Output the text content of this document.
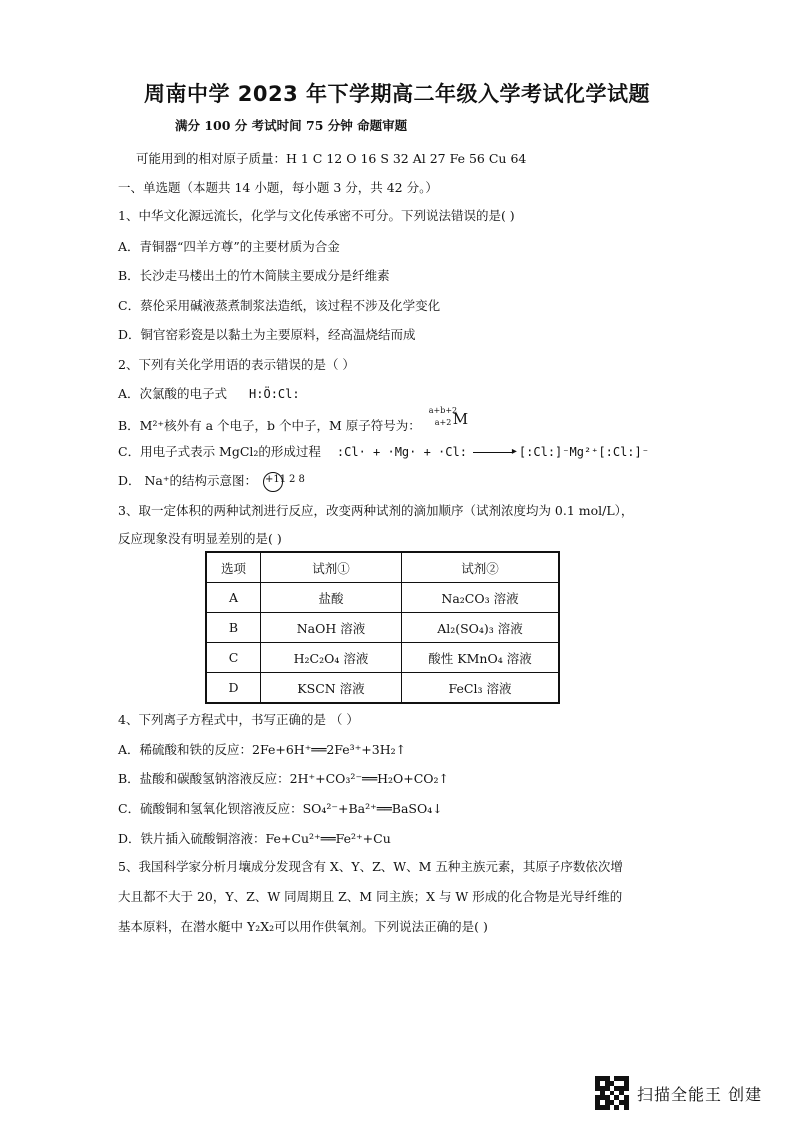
周南中学 2023 年下学期高二年级入学考试化学试题
满分 100 分 考试时间 75 分钟 命题审题
可能用到的相对原子质量：H 1 C 12 O 16 S 32 Al 27 Fe 56 Cu 64
一、单选题（本题共 14 小题，每小题 3 分，共 42 分。）
1、中华文化源远流长，化学与文化传承密不可分。下列说法错误的是( )
A．青铜器“四羊方尊”的主要材质为合金
B．长沙走马楼出土的竹木简牍主要成分是纤维素
C．蔡伦采用碱液蒸煮制浆法造纸，该过程不涉及化学变化
D．铜官窑彩瓷是以黏土为主要原料，经高温烧结而成
2、下列有关化学用语的表示错误的是（ ）
A．次氯酸的电子式 H:Ö:Cl:
B．M²⁺核外有 a 个电子，b 个中子，M 原子符号为：
a+b+2
a+2 M
C．用电子式表示 MgCl₂的形成过程 :Cl· + ·Mg· + ·Cl:	▸ [:Cl:]⁻Mg²⁺[:Cl:]⁻
D． Na⁺的结构示意图： +11 2 8
3、取一定体积的两种试剂进行反应，改变两种试剂的滴加顺序（试剂浓度均为 0.1 mol/L），
反应现象没有明显差别的是( )
选项	试剂①	试剂②
A	盐酸	Na₂CO₃ 溶液
B	NaOH 溶液	Al₂(SO₄)₃ 溶液
C	H₂C₂O₄ 溶液	酸性 KMnO₄ 溶液
D	KSCN 溶液	FeCl₃ 溶液
4、下列离子方程式中，书写正确的是 （ ）
A．稀硫酸和铁的反应：2Fe+6H⁺══2Fe³⁺+3H₂↑
B．盐酸和碳酸氢钠溶液反应：2H⁺+CO₃²⁻══H₂O+CO₂↑
C．硫酸铜和氢氧化钡溶液反应：SO₄²⁻+Ba²⁺══BaSO₄↓
D．铁片插入硫酸铜溶液：Fe+Cu²⁺══Fe²⁺+Cu
5、我国科学家分析月壤成分发现含有 X、Y、Z、W、M 五种主族元素，其原子序数依次增
大且都不大于 20，Y、Z、W 同周期且 Z、M 同主族；X 与 W 形成的化合物是光导纤维的
基本原料，在潜水艇中 Y₂X₂可以用作供氧剂。下列说法正确的是( )
扫描全能王 创建
